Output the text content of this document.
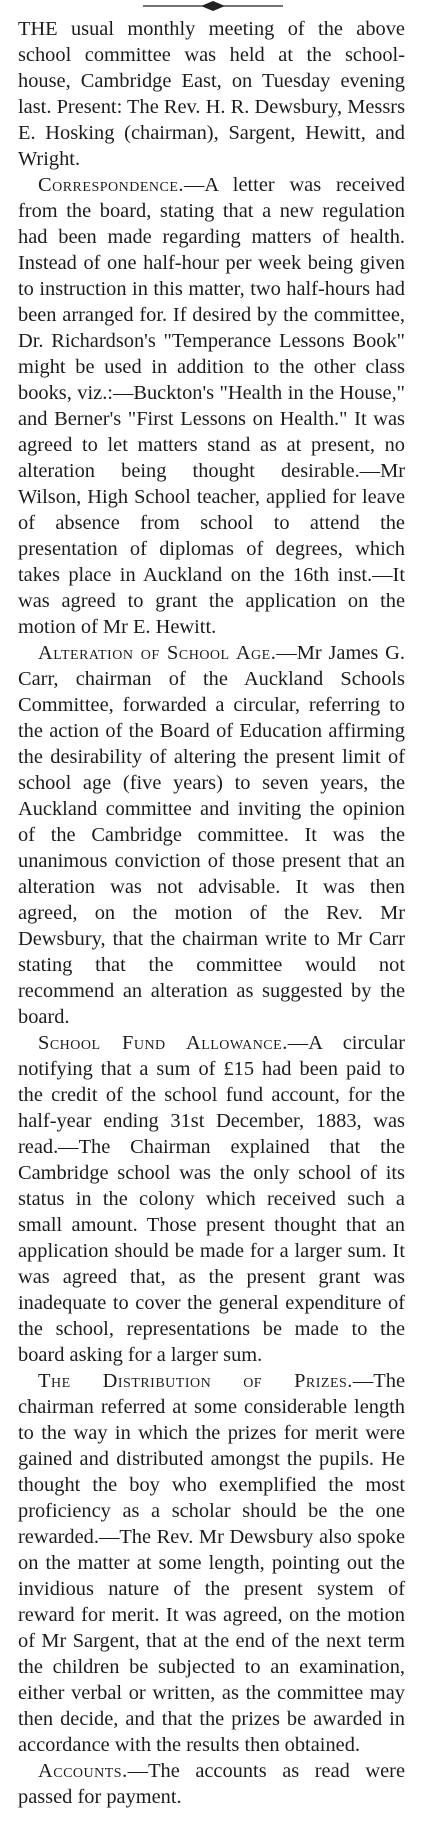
THE usual monthly meeting of the above school committee was held at the school-house, Cambridge East, on Tuesday evening last. Present: The Rev. H. R. Dewsbury, Messrs E. Hosking (chairman), Sargent, Hewitt, and Wright.

Correspondence.—A letter was received from the board, stating that a new regulation had been made regarding matters of health. Instead of one half-hour per week being given to instruction in this matter, two half-hours had been arranged for. If desired by the committee, Dr. Richardson's "Temperance Lessons Book" might be used in addition to the other class books, viz.:—Buckton's "Health in the House," and Berner's "First Lessons on Health." It was agreed to let matters stand as at present, no alteration being thought desirable.—Mr Wilson, High School teacher, applied for leave of absence from school to attend the presentation of diplomas of degrees, which takes place in Auckland on the 16th inst.—It was agreed to grant the application on the motion of Mr E. Hewitt.

Alteration of School Age.—Mr James G. Carr, chairman of the Auckland Schools Committee, forwarded a circular, referring to the action of the Board of Education affirming the desirability of altering the present limit of school age (five years) to seven years, the Auckland committee and inviting the opinion of the Cambridge committee. It was the unanimous conviction of those present that an alteration was not advisable. It was then agreed, on the motion of the Rev. Mr Dewsbury, that the chairman write to Mr Carr stating that the committee would not recommend an alteration as suggested by the board.

School Fund Allowance.—A circular notifying that a sum of £15 had been paid to the credit of the school fund account, for the half-year ending 31st December, 1883, was read.—The Chairman explained that the Cambridge school was the only school of its status in the colony which received such a small amount. Those present thought that an application should be made for a larger sum. It was agreed that, as the present grant was inadequate to cover the general expenditure of the school, representations be made to the board asking for a larger sum.

The Distribution of Prizes.—The chairman referred at some considerable length to the way in which the prizes for merit were gained and distributed amongst the pupils. He thought the boy who exemplified the most proficiency as a scholar should be the one rewarded.—The Rev. Mr Dewsbury also spoke on the matter at some length, pointing out the invidious nature of the present system of reward for merit. It was agreed, on the motion of Mr Sargent, that at the end of the next term the children be subjected to an examination, either verbal or written, as the committee may then decide, and that the prizes be awarded in accordance with the results then obtained.

Accounts.—The accounts as read were passed for payment.
